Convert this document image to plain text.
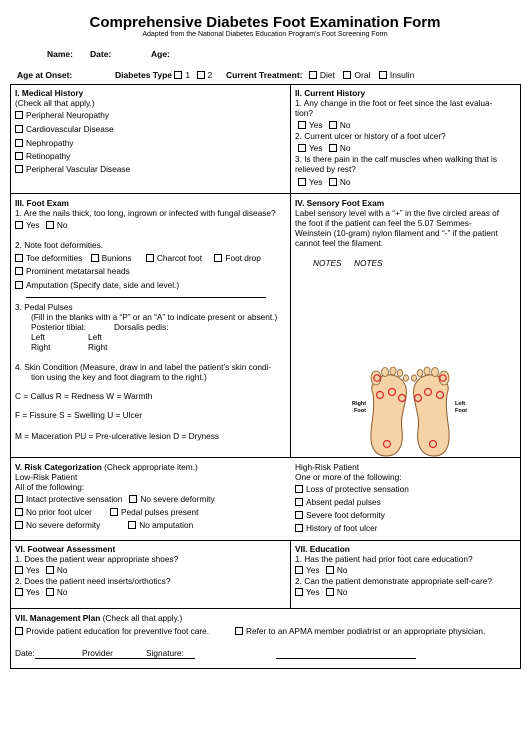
Comprehensive Diabetes Foot Examination Form
Adapted from the National Diabetes Education Program's Foot Screening Form
Name: Date:	Age:
Age at Onset:	Diabetes Type 1 2 Current Treatment: Diet Oral Insulin
I. Medical History
(Check all that apply.)
Peripheral Neuropathy
Cardiovascular Disease
Nephropathy
Retinopathy
Peripheral Vascular Disease
II. Current History
1. Any change in the foot or feet since the last evalua-
tion?
Yes No
2. Current ulcer or history of a foot ulcer?
Yes No
3. Is there pain in the calf muscles when walking that is
relieved by rest?
Yes No
III. Foot Exam
1. Are the nails thick, too long, ingrown or infected with fungal disease?
Yes No
2. Note foot deformities.
Toe deformities Bunions	Charcot foot	Foot drop
Prominent metatarsal heads
Amputation (Specify date, side and level.)
3. Pedal Pulses
(Fill in the blanks with a “P” or an “A” to indicate present or absent.)
Posterior tibial:	Dorsalis pedis:
Left	Left
Right	Right
4. Skin Condition (Measure, draw in and label the patient’s skin condi-
tion using the key and foot diagram to the right.)
C = Callus R = Redness W = Warmth
F = Fissure S = Swelling U = Ulcer
M = Maceration PU = Pre-ulcerative lesion D = Dryness
IV. Sensory Foot Exam
Label sensory level with a “+” in the five circled areas of
the foot if the patient can feel the 5.07 Semmes-
Weinstein (10-gram) nylon filament and “-” if the patient
cannot feel the filament.
NOTES NOTES
Right
Foot
Left
Foot
V. Risk Categorization (Check appropriate item.)
Low-Risk Patient
All of the following:
Intact protective sensation No severe deformity
No prior foot ulcer	Pedal pulses present
No severe deformity	No amputation
High-Risk Patient
One or more of the following:
Loss of protective sensation
Absent pedal pulses
Severe foot deformity
History of foot ulcer
VI. Footwear Assessment
1. Does the patient wear appropriate shoes?
Yes No
2. Does the patient need inserts/orthotics?
Yes No
VII. Education
1. Has the patient had prior foot care education?
Yes No
2. Can the patient demonstrate appropriate self-care?
Yes No
VII. Management Plan (Check all that apply.)
Provide patient education for preventive foot care.	Refer to an APMA member podiatrist or an appropriate physician.
Date:	Provider	Signature:
